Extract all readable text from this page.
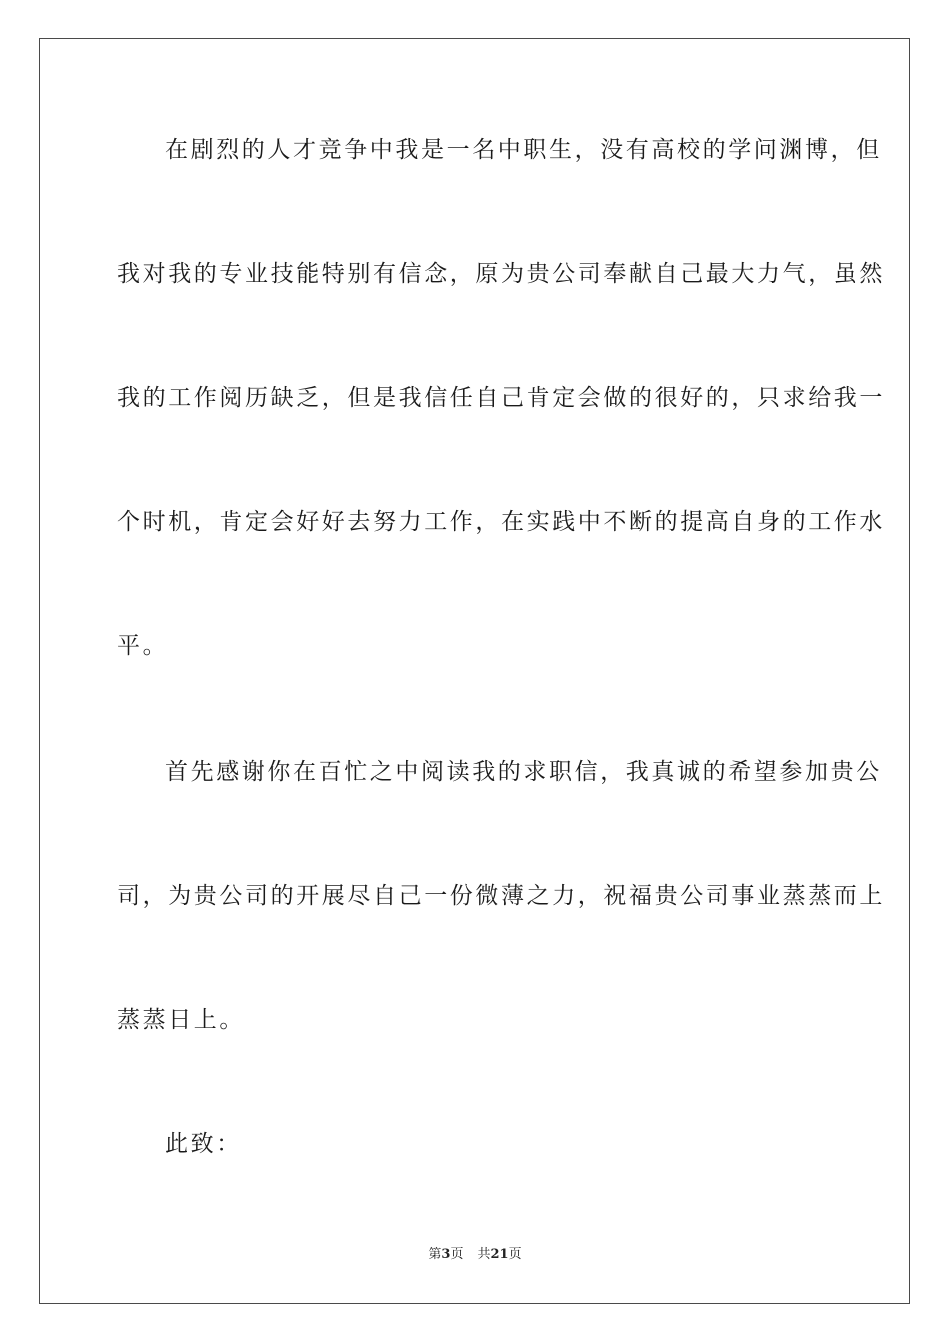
在剧烈的人才竞争中我是一名中职生，没有高校的学问渊博，但
我对我的专业技能特别有信念，原为贵公司奉献自己最大力气，虽然
我的工作阅历缺乏，但是我信任自己肯定会做的很好的，只求给我一
个时机，肯定会好好去努力工作，在实践中不断的提高自身的工作水
平。
首先感谢你在百忙之中阅读我的求职信，我真诚的希望参加贵公
司，为贵公司的开展尽自己一份微薄之力，祝福贵公司事业蒸蒸而上
蒸蒸日上。
此致：
第3页 共21页
